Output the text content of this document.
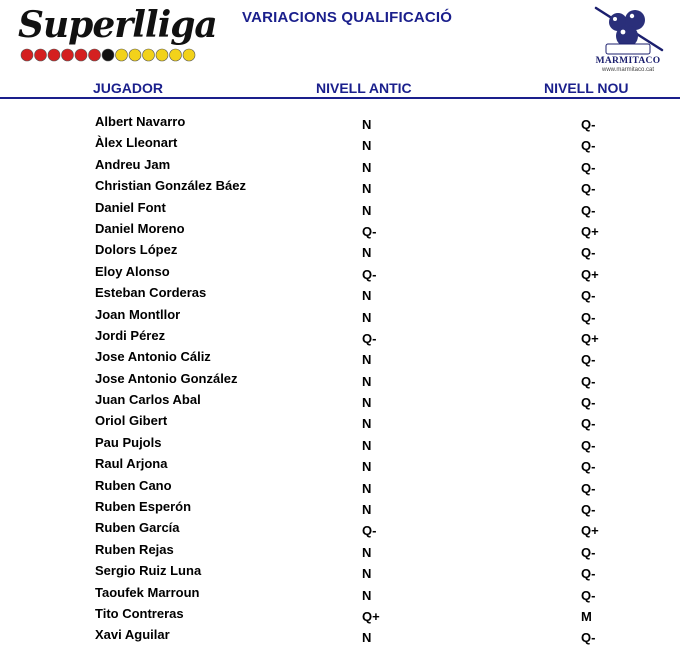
Superlliga VARIACIONS QUALIFICACIÓ
MARMITACO
www.marmitaco.cat
JUGADOR	NIVELL ANTIC	NIVELL NOU
Albert Navarro	N	Q-
Àlex Lleonart	N	Q-
Andreu Jam	N	Q-
Christian González Báez	N	Q-
Daniel Font	N	Q-
Daniel Moreno	Q-	Q+
Dolors López	N	Q-
Eloy Alonso	Q-	Q+
Esteban Corderas	N	Q-
Joan Montllor	N	Q-
Jordi Pérez	Q-	Q+
Jose Antonio Cáliz	N	Q-
Jose Antonio González	N	Q-
Juan Carlos Abal	N	Q-
Oriol Gibert	N	Q-
Pau Pujols	N	Q-
Raul Arjona	N	Q-
Ruben Cano	N	Q-
Ruben Esperón	N	Q-
Ruben García	Q-	Q+
Ruben Rejas	N	Q-
Sergio Ruiz Luna	N	Q-
Taoufek Marroun	N	Q-
Tito Contreras	Q+	M
Xavi Aguilar	N	Q-
